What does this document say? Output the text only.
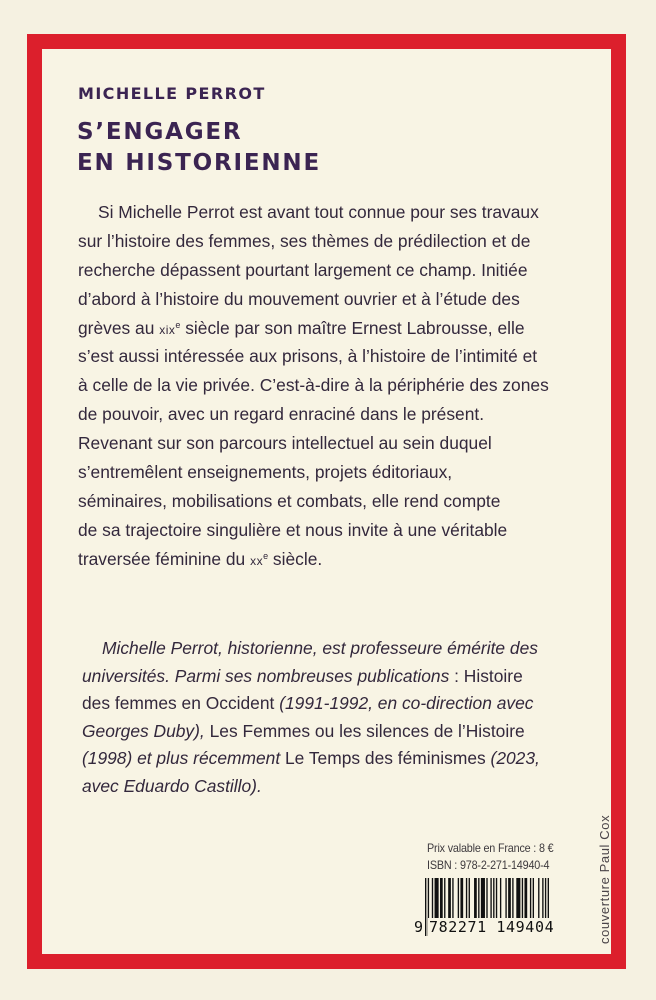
MICHELLE PERROT
S’ENGAGER
EN HISTORIENNE
Si Michelle Perrot est avant tout connue pour ses travaux
sur l’histoire des femmes, ses thèmes de prédilection et de
recherche dépassent pourtant largement ce champ. Initiée
d’abord à l’histoire du mouvement ouvrier et à l’étude des
grèves au xix$^e$ siècle par son maître Ernest Labrousse, elle
s’est aussi intéressée aux prisons, à l’histoire de l’intimité et
à celle de la vie privée. C’est-à-dire à la périphérie des zones
de pouvoir, avec un regard enraciné dans le présent.
Revenant sur son parcours intellectuel au sein duquel
s’entremêlent enseignements, projets éditoriaux,
séminaires, mobilisations et combats, elle rend compte
de sa trajectoire singulière et nous invite à une véritable
traversée féminine du $xx^e$ siècle.
Michelle Perrot, historienne, est professeure émérite des
universités. Parmi ses nombreuses publications : Histoire
des femmes en Occident (1991-1992, en co-direction avec
Georges Duby), Les Femmes ou les silences de l’Histoire
(1998) et plus récemment Le Temps des féminismes (2023,
avec Eduardo Castillo).
Prix valable en France : 8 €
ISBN : 978-2-271-14940-4
9 782271 149404	couverture Paul Cox
